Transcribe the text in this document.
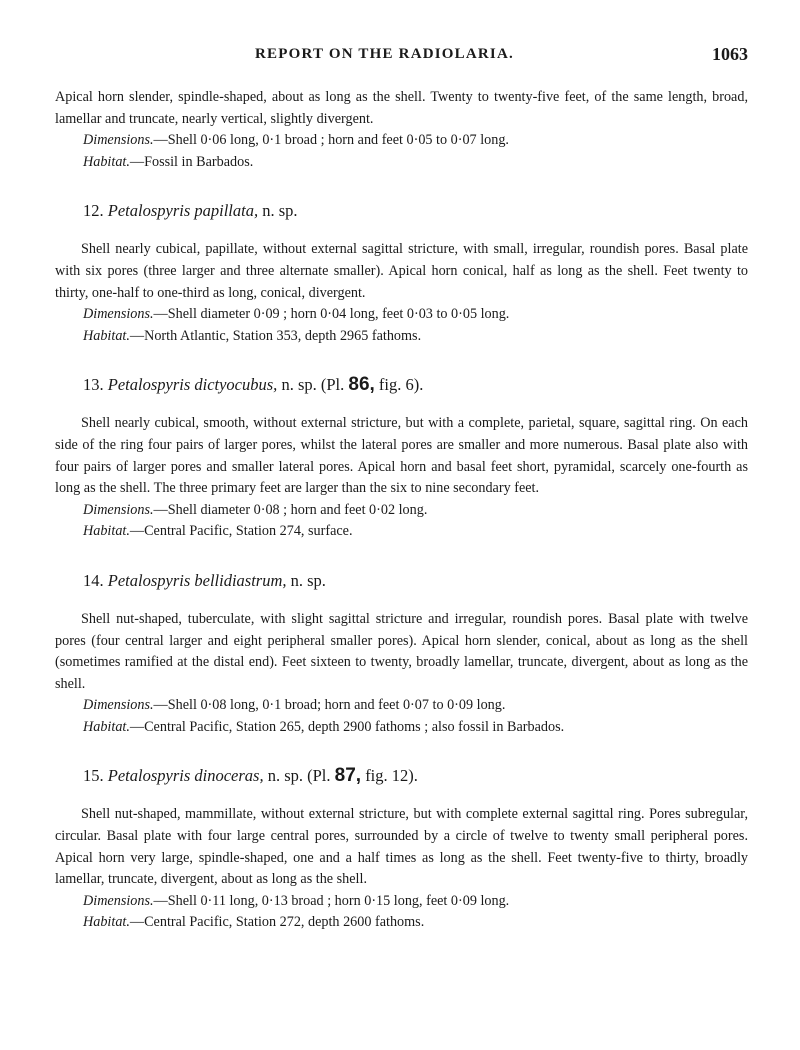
REPORT ON THE RADIOLARIA.	1063

Apical horn slender, spindle-shaped, about as long as the shell. Twenty to twenty-five feet, of the same length, broad, lamellar and truncate, nearly vertical, slightly divergent.

Dimensions.—Shell 0·06 long, 0·1 broad ; horn and feet 0·05 to 0·07 long.

Habitat.—Fossil in Barbados.

12. Petalospyris papillata, n. sp.

Shell nearly cubical, papillate, without external sagittal stricture, with small, irregular, roundish pores. Basal plate with six pores (three larger and three alternate smaller). Apical horn conical, half as long as the shell. Feet twenty to thirty, one-half to one-third as long, conical, divergent.

Dimensions.—Shell diameter 0·09 ; horn 0·04 long, feet 0·03 to 0·05 long.

Habitat.—North Atlantic, Station 353, depth 2965 fathoms.

13. Petalospyris dictyocubus, n. sp. (Pl. 86, fig. 6).

Shell nearly cubical, smooth, without external stricture, but with a complete, parietal, square, sagittal ring. On each side of the ring four pairs of larger pores, whilst the lateral pores are smaller and more numerous. Basal plate also with four pairs of larger pores and smaller lateral pores. Apical horn and basal feet short, pyramidal, scarcely one-fourth as long as the shell. The three primary feet are larger than the six to nine secondary feet.

Dimensions.—Shell diameter 0·08 ; horn and feet 0·02 long.

Habitat.—Central Pacific, Station 274, surface.

14. Petalospyris bellidiastrum, n. sp.

Shell nut-shaped, tuberculate, with slight sagittal stricture and irregular, roundish pores. Basal plate with twelve pores (four central larger and eight peripheral smaller pores). Apical horn slender, conical, about as long as the shell (sometimes ramified at the distal end). Feet sixteen to twenty, broadly lamellar, truncate, divergent, about as long as the shell.

Dimensions.—Shell 0·08 long, 0·1 broad; horn and feet 0·07 to 0·09 long.

Habitat.—Central Pacific, Station 265, depth 2900 fathoms ; also fossil in Barbados.

15. Petalospyris dinoceras, n. sp. (Pl. 87, fig. 12).

Shell nut-shaped, mammillate, without external stricture, but with complete external sagittal ring. Pores subregular, circular. Basal plate with four large central pores, surrounded by a circle of twelve to twenty small peripheral pores. Apical horn very large, spindle-shaped, one and a half times as long as the shell. Feet twenty-five to thirty, broadly lamellar, truncate, divergent, about as long as the shell.

Dimensions.—Shell 0·11 long, 0·13 broad ; horn 0·15 long, feet 0·09 long.

Habitat.—Central Pacific, Station 272, depth 2600 fathoms.
